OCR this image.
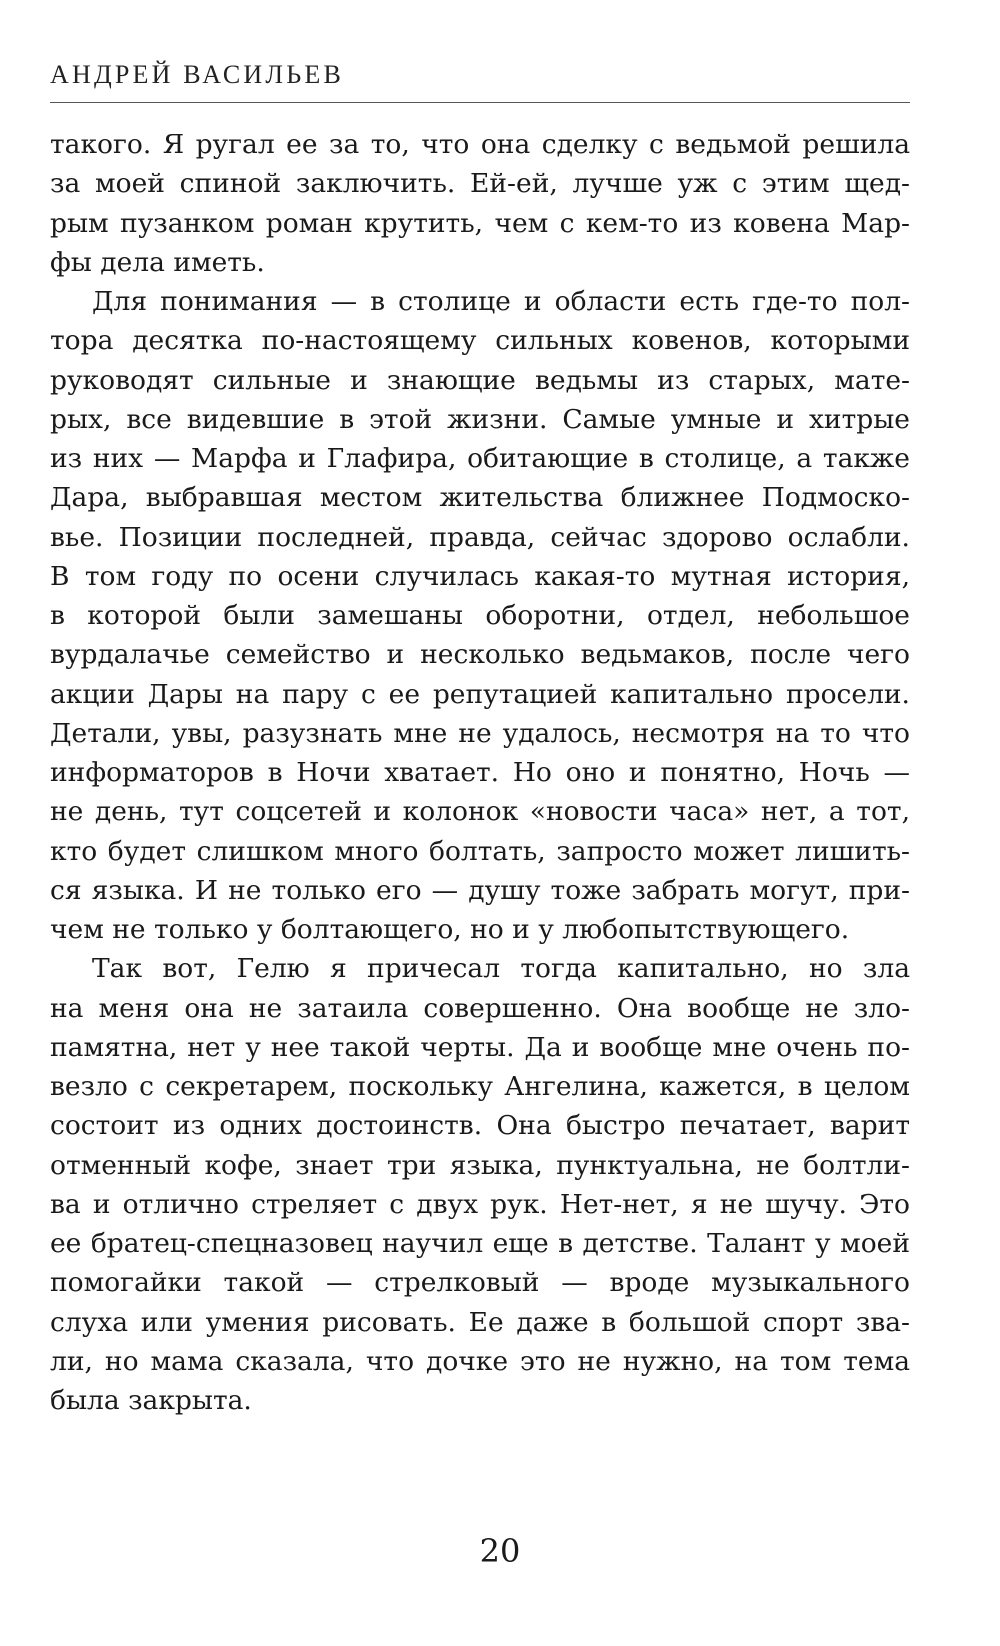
АНДРЕЙ ВАСИЛЬЕВ
такого. Я ругал ее за то, что она сделку с ведьмой решила
за моей спиной заключить. Ей-ей, лучше уж с этим щед-
рым пузанком роман крутить, чем с кем-то из ковена Мар-
фы дела иметь.
Для понимания — в столице и области есть где-то пол-
тора десятка по-настоящему сильных ковенов, которыми
руководят сильные и знающие ведьмы из старых, мате-
рых, все видевшие в этой жизни. Самые умные и хитрые
из них — Марфа и Глафира, обитающие в столице, а также
Дара, выбравшая местом жительства ближнее Подмоско-
вье. Позиции последней, правда, сейчас здорово ослабли.
В том году по осени случилась какая-то мутная история,
в которой были замешаны оборотни, отдел, небольшое
вурдалачье семейство и несколько ведьмаков, после чего
акции Дары на пару с ее репутацией капитально просели.
Детали, увы, разузнать мне не удалось, несмотря на то что
информаторов в Ночи хватает. Но оно и понятно, Ночь —
не день, тут соцсетей и колонок «новости часа» нет, а тот,
кто будет слишком много болтать, запросто может лишить-
ся языка. И не только его — душу тоже забрать могут, при-
чем не только у болтающего, но и у любопытствующего.
Так вот, Гелю я причесал тогда капитально, но зла
на меня она не затаила совершенно. Она вообще не зло-
памятна, нет у нее такой черты. Да и вообще мне очень по-
везло с секретарем, поскольку Ангелина, кажется, в целом
состоит из одних достоинств. Она быстро печатает, варит
отменный кофе, знает три языка, пунктуальна, не болтли-
ва и отлично стреляет с двух рук. Нет-нет, я не шучу. Это
ее братец-спецназовец научил еще в детстве. Талант у моей
помогайки такой — стрелковый — вроде музыкального
слуха или умения рисовать. Ее даже в большой спорт зва-
ли, но мама сказала, что дочке это не нужно, на том тема
была закрыта.
20
